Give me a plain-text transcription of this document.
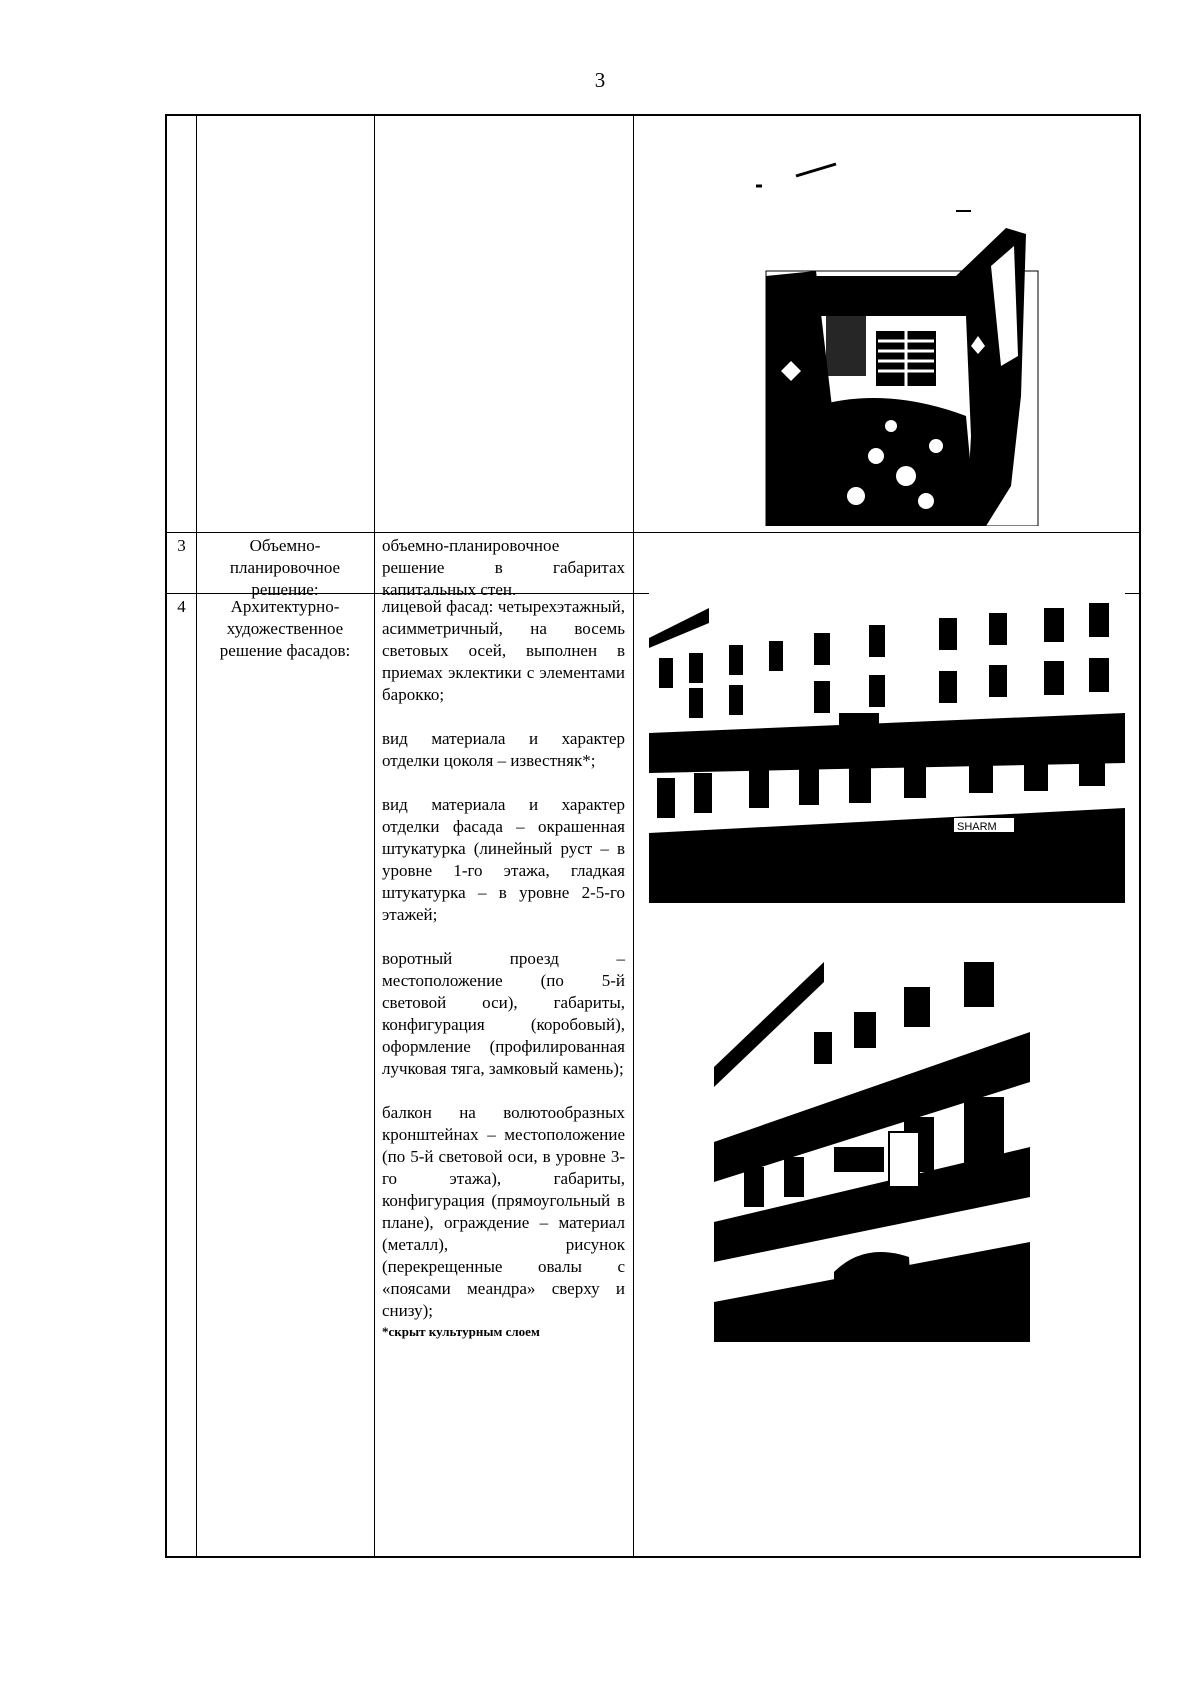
3
3	Объемно-планировочное решение:

объемно-планировочное решение в габаритах капитальных стен.

4	Архитектурно-художественное решение фасадов:

лицевой фасад: четырехэтажный, асимметричный, на восемь световых осей, выполнен в приемах эклектики с элементами барокко;

вид материала и характер отделки цоколя – известняк*;

вид материала и характер отделки фасада – окрашенная штукатурка (линейный руст – в уровне 1-го этажа, гладкая штукатурка – в уровне 2-5-го этажей;

воротный проезд – местоположение (по 5-й световой оси), габариты, конфигурация (коробовый), оформление (профилированная лучковая тяга, замковый камень);

балкон на волютообразных кронштейнах – местоположение (по 5-й световой оси, в уровне 3-го этажа), габариты, конфигурация (прямоугольный в плане), ограждение – материал (металл), рисунок (перекрещенные овалы с «поясами меандра» сверху и снизу);

*скрыт культурным слоем
SHARM
CAF
